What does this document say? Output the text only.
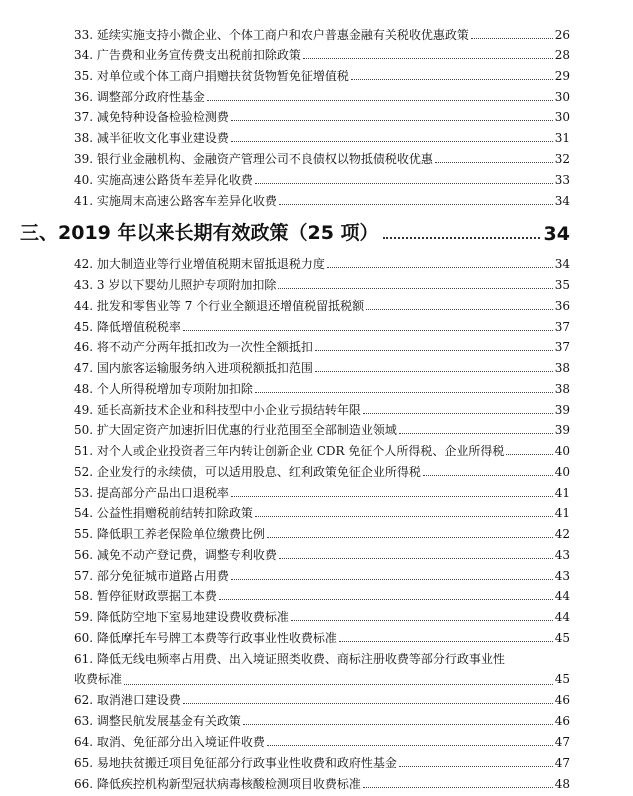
33. 延续实施支持小微企业、个体工商户和农户普惠金融有关税收优惠政策	26
34. 广告费和业务宣传费支出税前扣除政策	28
35. 对单位或个体工商户捐赠扶贫货物暂免征增值税	29
36. 调整部分政府性基金	30
37. 减免特种设备检验检测费	30
38. 减半征收文化事业建设费	31
39. 银行业金融机构、金融资产管理公司不良债权以物抵债税收优惠	32
40. 实施高速公路货车差异化收费	33
41. 实施周末高速公路客车差异化收费	34
三、2019 年以来长期有效政策（25 项）	34
42. 加大制造业等行业增值税期末留抵退税力度	34
43. 3 岁以下婴幼儿照护专项附加扣除	35
44. 批发和零售业等 7 个行业全额退还增值税留抵税额	36
45. 降低增值税税率	37
46. 将不动产分两年抵扣改为一次性全额抵扣	37
47. 国内旅客运输服务纳入进项税额抵扣范围	38
48. 个人所得税增加专项附加扣除	38
49. 延长高新技术企业和科技型中小企业亏损结转年限	39
50. 扩大固定资产加速折旧优惠的行业范围至全部制造业领域	39
51. 对个人或企业投资者三年内转让创新企业 CDR 免征个人所得税、企业所得税	40
52. 企业发行的永续债，可以适用股息、红利政策免征企业所得税	40
53. 提高部分产品出口退税率	41
54. 公益性捐赠税前结转扣除政策	41
55. 降低职工养老保险单位缴费比例	42
56. 减免不动产登记费，调整专利收费	43
57. 部分免征城市道路占用费	43
58. 暂停征财政票据工本费	44
59. 降低防空地下室易地建设费收费标准	44
60. 降低摩托车号牌工本费等行政事业性收费标准	45
61. 降低无线电频率占用费、出入境证照类收费、商标注册收费等部分行政事业性
收费标准	45
62. 取消港口建设费	46
63. 调整民航发展基金有关政策	46
64. 取消、免征部分出入境证件收费	47
65. 易地扶贫搬迁项目免征部分行政事业性收费和政府性基金	47
66. 降低疾控机构新型冠状病毒核酸检测项目收费标准	48
